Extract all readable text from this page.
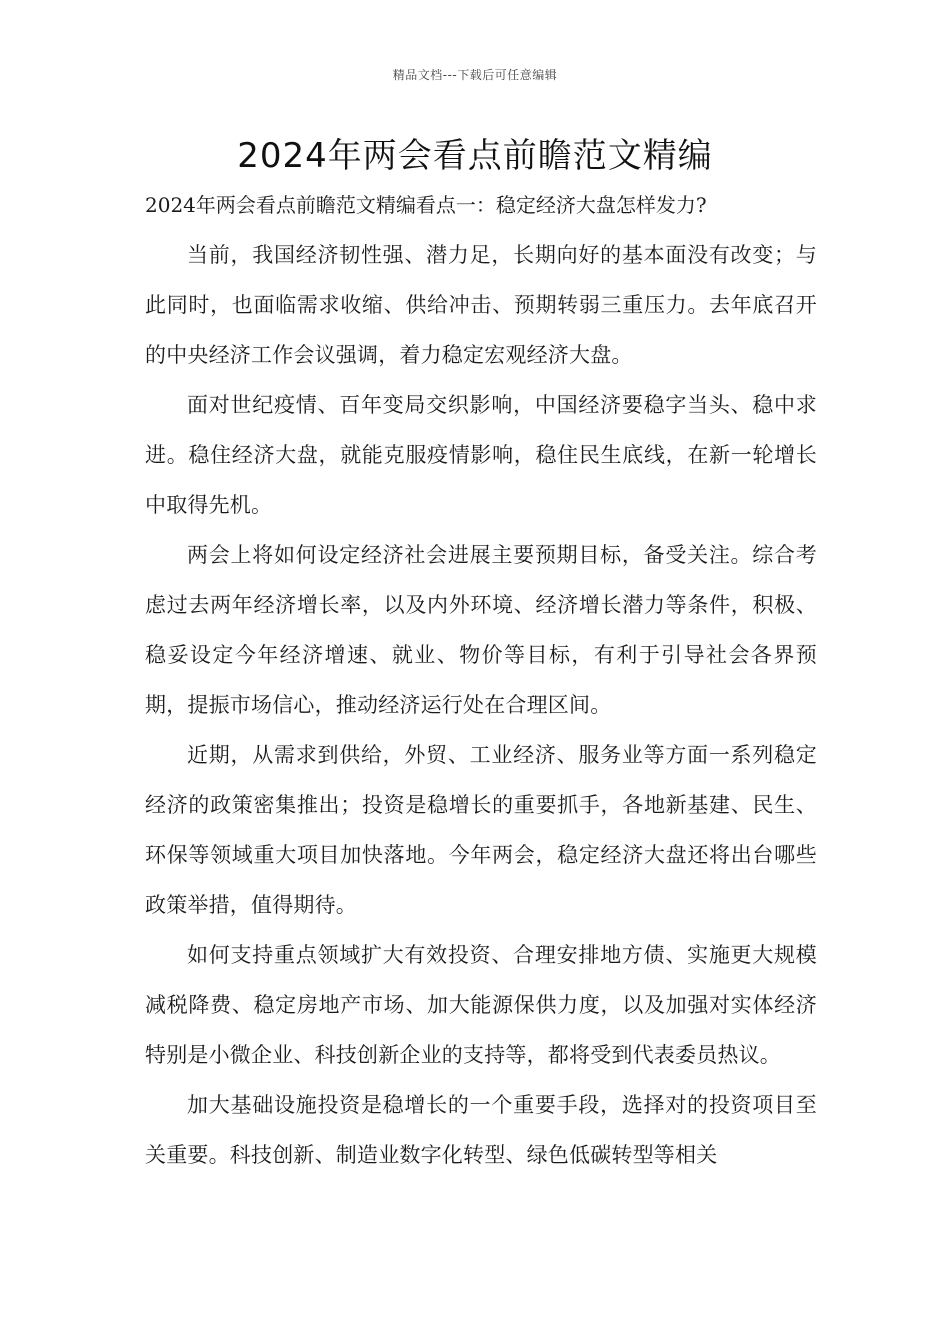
精品文档---下载后可任意编辑
2024年两会看点前瞻范文精编

2024年两会看点前瞻范文精编看点一：稳定经济大盘怎样发力?

当前，我国经济韧性强、潜力足，长期向好的基本面没有改变；与此同时，也面临需求收缩、供给冲击、预期转弱三重压力。去年底召开的中央经济工作会议强调，着力稳定宏观经济大盘。

面对世纪疫情、百年变局交织影响，中国经济要稳字当头、稳中求进。稳住经济大盘，就能克服疫情影响，稳住民生底线，在新一轮增长中取得先机。

两会上将如何设定经济社会进展主要预期目标，备受关注。综合考虑过去两年经济增长率，以及内外环境、经济增长潜力等条件，积极、稳妥设定今年经济增速、就业、物价等目标，有利于引导社会各界预期，提振市场信心，推动经济运行处在合理区间。

近期，从需求到供给，外贸、工业经济、服务业等方面一系列稳定经济的政策密集推出；投资是稳增长的重要抓手，各地新基建、民生、环保等领域重大项目加快落地。今年两会，稳定经济大盘还将出台哪些政策举措，值得期待。

如何支持重点领域扩大有效投资、合理安排地方债、实施更大规模减税降费、稳定房地产市场、加大能源保供力度，以及加强对实体经济特别是小微企业、科技创新企业的支持等，都将受到代表委员热议。

加大基础设施投资是稳增长的一个重要手段，选择对的投资项目至关重要。科技创新、制造业数字化转型、绿色低碳转型等相关
